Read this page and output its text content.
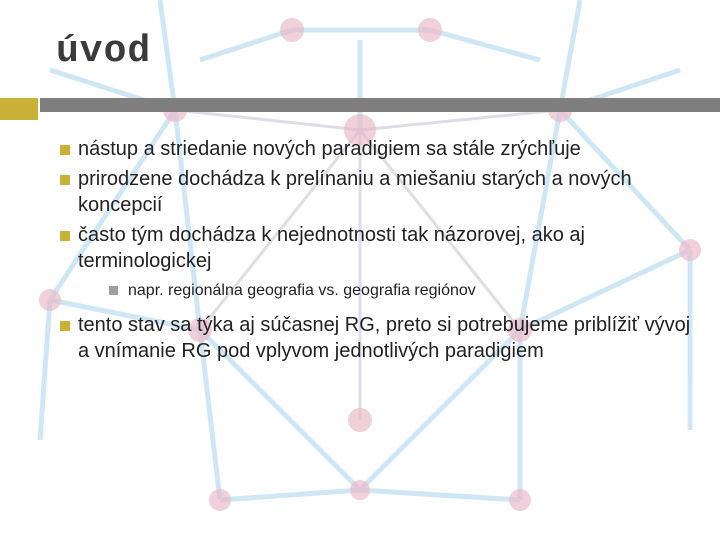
úvod
nástup a striedanie nových paradigiem sa stále zrýchľuje
prirodzene dochádza k prelínaniu a miešaniu starých a nových koncepcií
často tým dochádza k nejednotnosti tak názorovej, ako aj terminologickej
napr. regionálna geografia vs. geografia regiónov
tento stav sa týka aj súčasnej RG, preto si potrebujeme priblížiť vývoj a vnímanie RG pod vplyvom jednotlivých paradigiem
